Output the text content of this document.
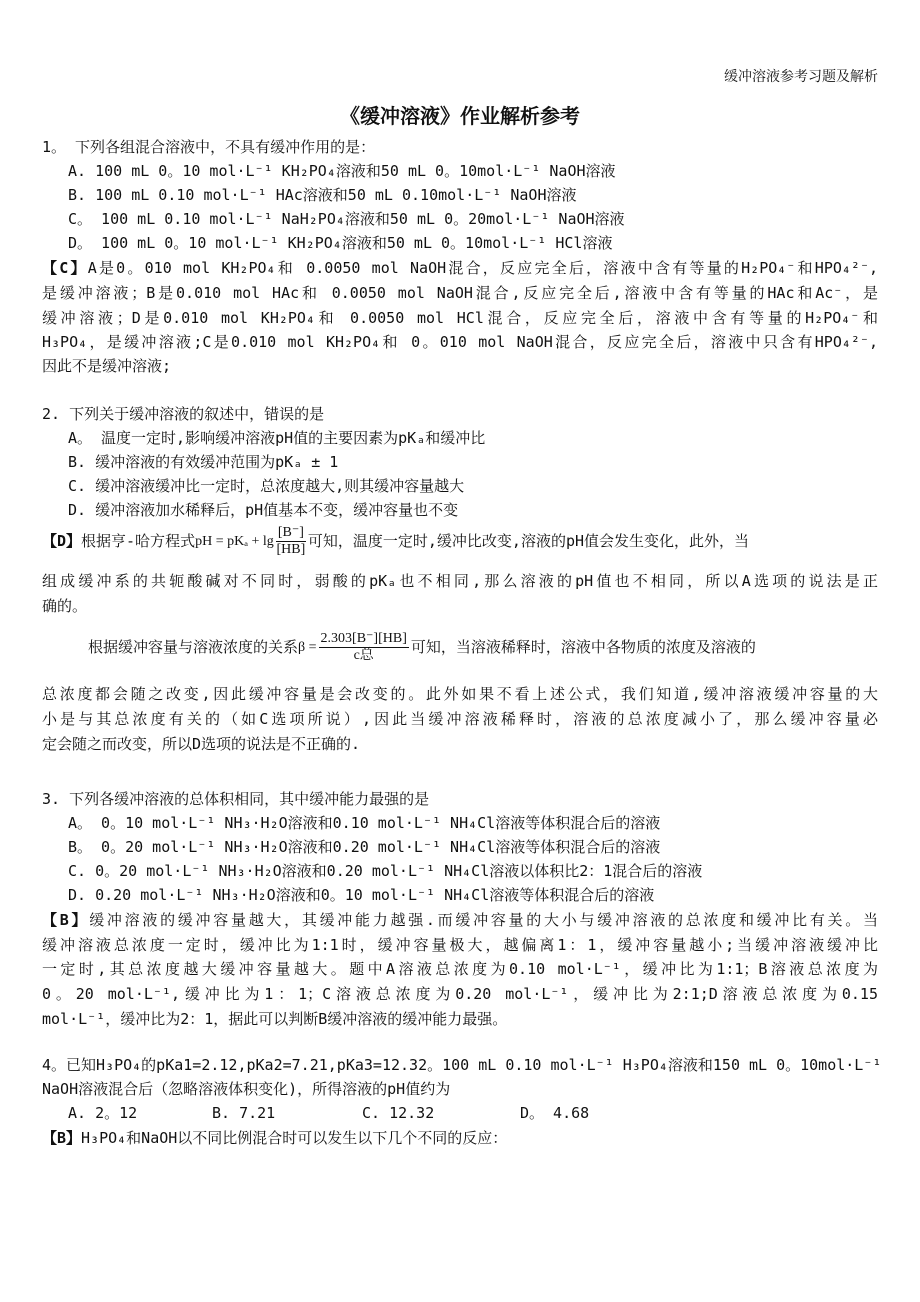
缓冲溶液参考习题及解析
《缓冲溶液》作业解析参考
1。 下列各组混合溶液中，不具有缓冲作用的是：
A. 100 mL 0。10 mol·L⁻¹ KH₂PO₄溶液和50 mL 0。10mol·L⁻¹ NaOH溶液
B. 100 mL 0.10 mol·L⁻¹ HAc溶液和50 mL 0.10mol·L⁻¹ NaOH溶液
C。 100 mL 0.10 mol·L⁻¹ NaH₂PO₄溶液和50 mL 0。20mol·L⁻¹ NaOH溶液
D。 100 mL 0。10 mol·L⁻¹ KH₂PO₄溶液和50 mL 0。10mol·L⁻¹ HCl溶液
【C】A是0。010 mol KH₂PO₄和 0.0050 mol NaOH混合，反应完全后，溶液中含有等量的H₂PO₄⁻和HPO₄²⁻,
是缓冲溶液；B是0.010 mol HAc和 0.0050 mol NaOH混合,反应完全后,溶液中含有等量的HAc和Ac⁻，是
缓冲溶液；D是0.010 mol KH₂PO₄和 0.0050 mol HCl混合，反应完全后，溶液中含有等量的H₂PO₄⁻和
H₃PO₄，是缓冲溶液;C是0.010 mol KH₂PO₄和 0。010 mol NaOH混合，反应完全后，溶液中只含有HPO₄²⁻,
因此不是缓冲溶液;
2. 下列关于缓冲溶液的叙述中，错误的是
A。 温度一定时,影响缓冲溶液pH值的主要因素为pKₐ和缓冲比
B. 缓冲溶液的有效缓冲范围为pKₐ ± 1
C. 缓冲溶液缓冲比一定时，总浓度越大,则其缓冲容量越大
D. 缓冲溶液加水稀释后，pH值基本不变，缓冲容量也不变
【D】根据亨-哈方程式pH = $pK_a + \lg \frac{[B^-]}{[HB]}$ 可知，温度一定时,缓冲比改变,溶液的pH值会发生变化，此外，当
组成缓冲系的共轭酸碱对不同时，弱酸的pKₐ也不相同,那么溶液的pH值也不相同，所以A选项的说法是正
确的。
根据缓冲容量与溶液浓度的关系$\beta = \frac{2.303[B^-][HB]}{\text{c总}}$ 可知，当溶液稀释时，溶液中各物质的浓度及溶液的
总浓度都会随之改变,因此缓冲容量是会改变的。此外如果不看上述公式，我们知道,缓冲溶液缓冲容量的大
小是与其总浓度有关的（如C选项所说）,因此当缓冲溶液稀释时，溶液的总浓度减小了，那么缓冲容量必
定会随之而改变，所以D选项的说法是不正确的.
3. 下列各缓冲溶液的总体积相同，其中缓冲能力最强的是
A。 0。10 mol·L⁻¹ NH₃·H₂O溶液和0.10 mol·L⁻¹ NH₄Cl溶液等体积混合后的溶液
B。 0。20 mol·L⁻¹ NH₃·H₂O溶液和0.20 mol·L⁻¹ NH₄Cl溶液等体积混合后的溶液
C. 0。20 mol·L⁻¹ NH₃·H₂O溶液和0.20 mol·L⁻¹ NH₄Cl溶液以体积比2：1混合后的溶液
D. 0.20 mol·L⁻¹ NH₃·H₂O溶液和0。10 mol·L⁻¹ NH₄Cl溶液等体积混合后的溶液
【B】缓冲溶液的缓冲容量越大，其缓冲能力越强.而缓冲容量的大小与缓冲溶液的总浓度和缓冲比有关。当
缓冲溶液总浓度一定时，缓冲比为1:1时，缓冲容量极大，越偏离1：1，缓冲容量越小;当缓冲溶液缓冲比
一定时,其总浓度越大缓冲容量越大。题中A溶液总浓度为0.10 mol·L⁻¹，缓冲比为1:1；B溶液总浓度为
0。20 mol·L⁻¹,缓冲比为1：1；C溶液总浓度为0.20 mol·L⁻¹，缓冲比为2:1;D溶液总浓度为0.15
mol·L⁻¹，缓冲比为2：1，据此可以判断B缓冲溶液的缓冲能力最强。
4。已知H₃PO₄的pKa1=2.12,pKa2=7.21,pKa3=12.32。100 mL 0.10 mol·L⁻¹ H₃PO₄溶液和150 mL 0。10mol·L⁻¹
NaOH溶液混合后（忽略溶液体积变化)，所得溶液的pH值约为
A. 2。12	B. 7.21	C. 12.32	D。 4.68
【B】H₃PO₄和NaOH以不同比例混合时可以发生以下几个不同的反应：
